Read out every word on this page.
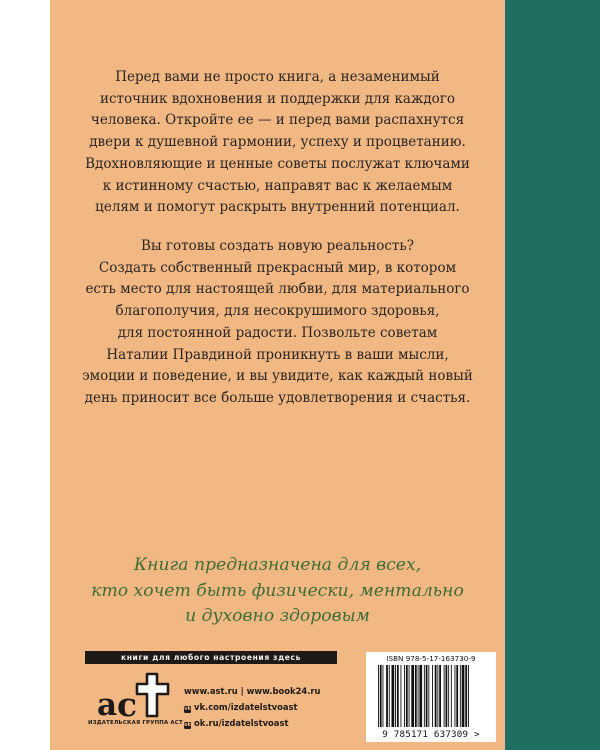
Перед вами не просто книга, а незаменимый
источник вдохновения и поддержки для каждого
человека. Откройте ее — и перед вами распахнутся
двери к душевной гармонии, успеху и процветанию.
Вдохновляющие и ценные советы послужат ключами
к истинному счастью, направят вас к желаемым
целям и помогут раскрыть внутренний потенциал.
Вы готовы создать новую реальность?
Создать собственный прекрасный мир, в котором
есть место для настоящей любви, для материального
благополучия, для несокрушимого здоровья,
для постоянной радости. Позвольте советам
Наталии Правдиной проникнуть в ваши мысли,
эмоции и поведение, и вы увидите, как каждый новый
день приносит все больше удовлетворения и счастья.
Книга предназначена для всех,
кто хочет быть физически, ментально
и духовно здоровым
книги для любого настроения здесь
a c
ИЗДАТЕЛЬСКАЯ ГРУППА АСТ
www.ast.ru | www.book24.ru
vk vk.com/izdatelstvoast
ok ok.ru/izdatelstvoast
ISBN 978-5-17-163730-9
9 785171 637309 >
